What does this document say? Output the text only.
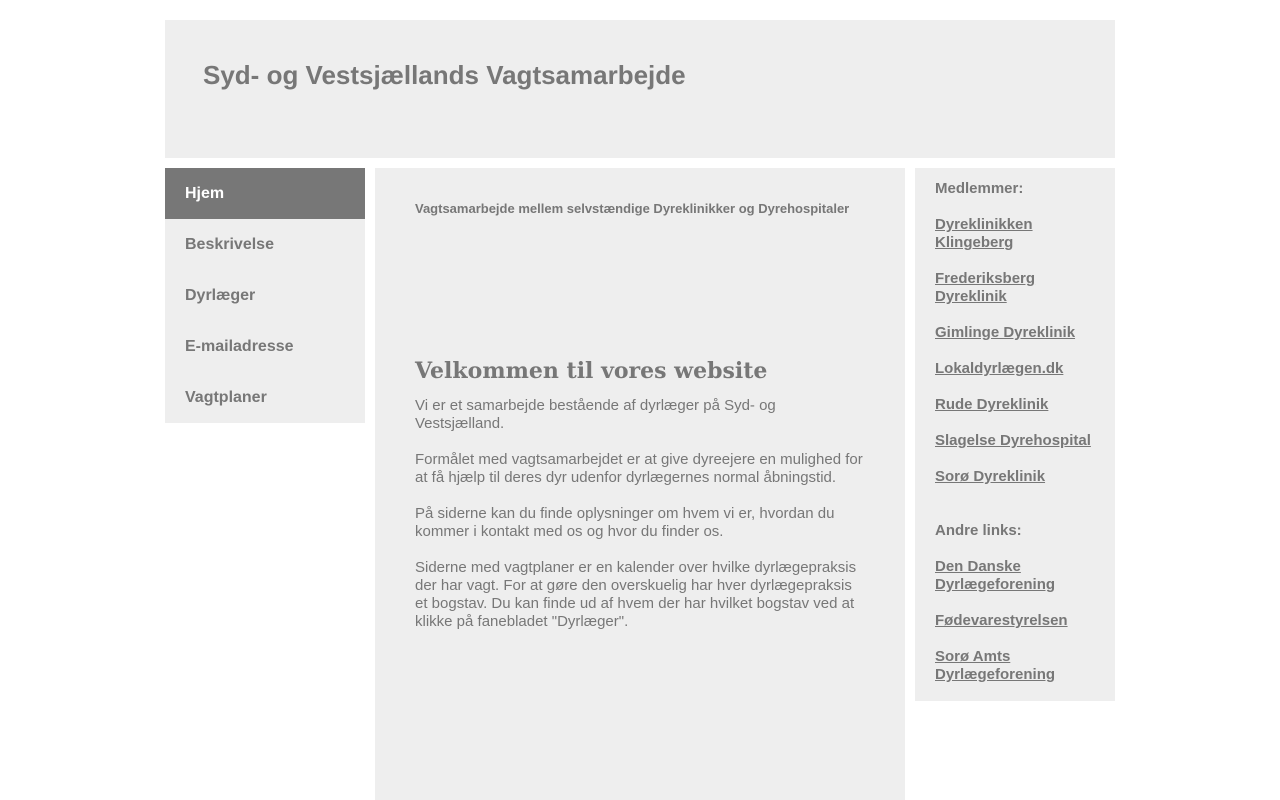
Syd- og Vestsjællands Vagtsamarbejde
Hjem
Beskrivelse
Dyrlæger
E-mailadresse
Vagtplaner

Vagtsamarbejde mellem selvstændige Dyreklinikker og Dyrehospitaler

Velkommen til vores website

Vi er et samarbejde bestående af dyrlæger på Syd- og Vestsjælland.

Formålet med vagtsamarbejdet er at give dyreejere en mulighed for at få hjælp til deres dyr udenfor dyrlægernes normal åbningstid.

På siderne kan du finde oplysninger om hvem vi er, hvordan du kommer i kontakt med os og hvor du finder os.

Siderne med vagtplaner er en kalender over hvilke dyrlægepraksis der har vagt. For at gøre den overskuelig har hver dyrlægepraksis et bogstav. Du kan finde ud af hvem der har hvilket bogstav ved at klikke på fanebladet "Dyrlæger".

Medlemmer:
Dyreklinikken Klingeberg
Frederiksberg Dyreklinik
Gimlinge Dyreklinik
Lokaldyrlægen.dk
Rude Dyreklinik
Slagelse Dyrehospital
Sorø Dyreklinik
Andre links:
Den Danske Dyrlægeforening
Fødevarestyrelsen
Sorø Amts Dyrlægeforening
